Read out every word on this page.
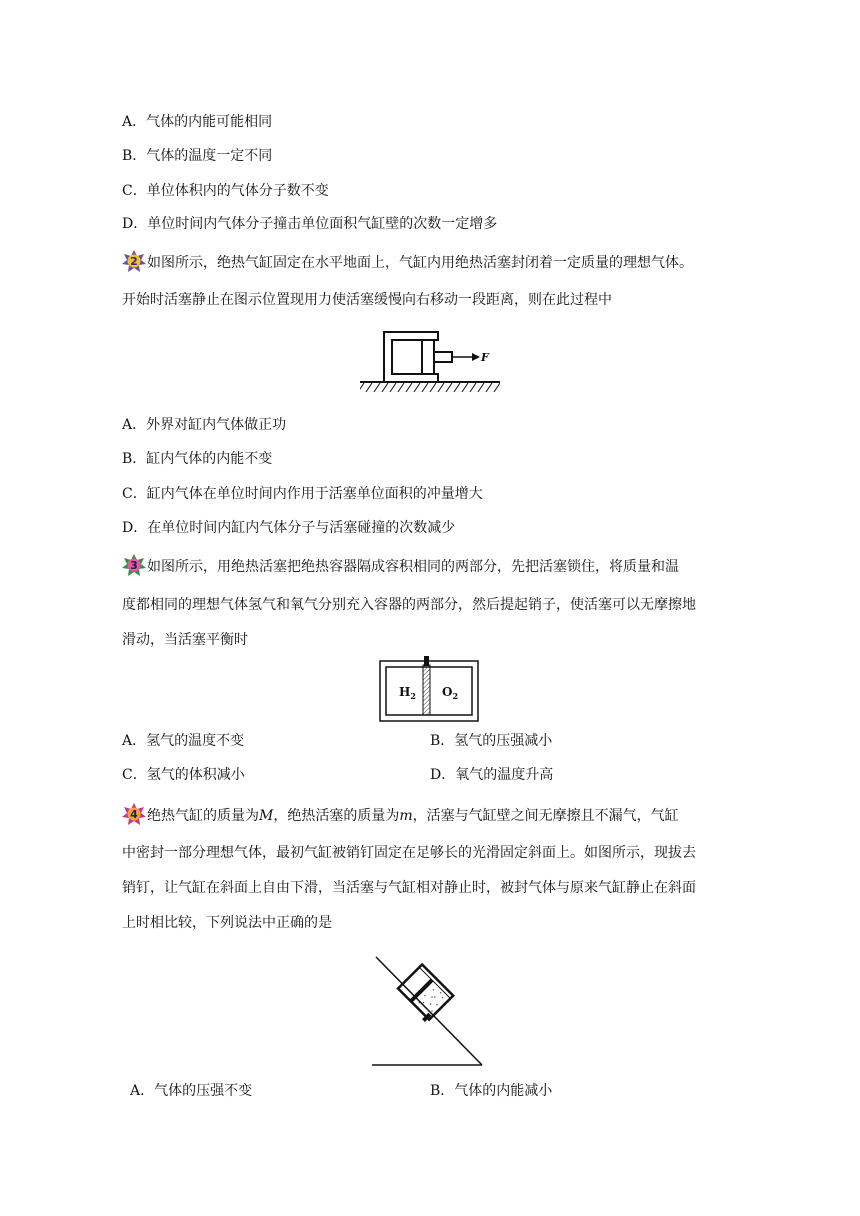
A．气体的内能可能相同
B．气体的温度一定不同
C．单位体积内的气体分子数不变
D．单位时间内气体分子撞击单位面积气缸壁的次数一定增多
2 如图所示，绝热气缸固定在水平地面上，气缸内用绝热活塞封闭着一定质量的理想气体。
开始时活塞静止在图示位置现用力使活塞缓慢向右移动一段距离，则在此过程中
F
A．外界对缸内气体做正功
B．缸内气体的内能不变
C．缸内气体在单位时间内作用于活塞单位面积的冲量增大
D．在单位时间内缸内气体分子与活塞碰撞的次数减少
3 如图所示，用绝热活塞把绝热容器隔成容积相同的两部分，先把活塞锁住，将质量和温
度都相同的理想气体氢气和氧气分别充入容器的两部分，然后提起销子，使活塞可以无摩擦地
滑动，当活塞平衡时
$H_2$ $O_2$
A．氢气的温度不变	B．氢气的压强减小
C．氢气的体积减小	D．氧气的温度升高
4 绝热气缸的质量为M，绝热活塞的质量为m，活塞与气缸壁之间无摩擦且不漏气，气缸
中密封一部分理想气体，最初气缸被销钉固定在足够长的光滑固定斜面上。如图所示，现拔去
销钉，让气缸在斜面上自由下滑，当活塞与气缸相对静止时，被封气体与原来气缸静止在斜面
上时相比较，下列说法中正确的是
A．气体的压强不变	B．气体的内能减小
